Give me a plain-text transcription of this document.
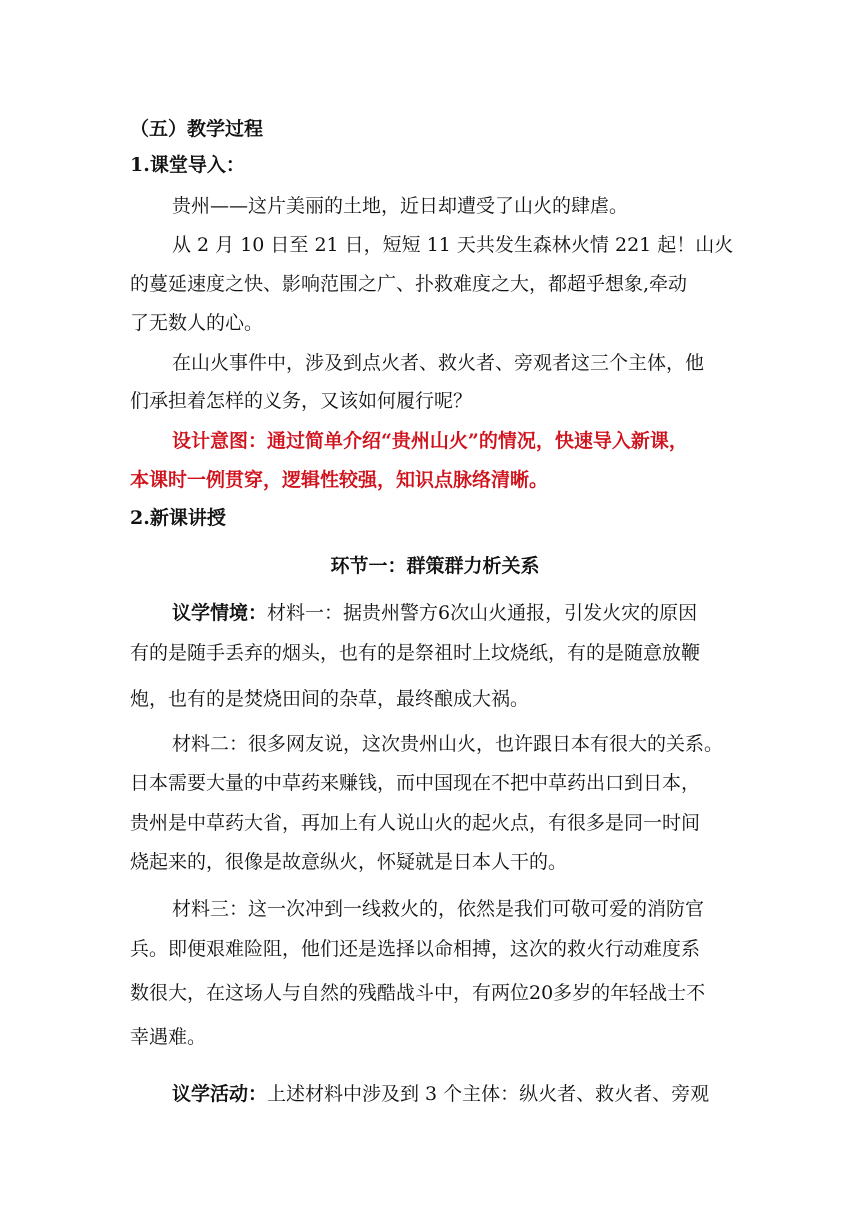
（五）教学过程
1.课堂导入：
贵州——这片美丽的土地，近日却遭受了山火的肆虐。
从 2 月 10 日至 21 日，短短 11 天共发生森林火情 221 起！山火
的蔓延速度之快、影响范围之广、扑救难度之大，都超乎想象,牵动
了无数人的心。
在山火事件中，涉及到点火者、救火者、旁观者这三个主体，他
们承担着怎样的义务，又该如何履行呢？
设计意图：通过简单介绍“贵州山火”的情况，快速导入新课，
本课时一例贯穿，逻辑性较强，知识点脉络清晰。
2.新课讲授
环节一：群策群力析关系
议学情境：材料一：据贵州警方6次山火通报，引发火灾的原因
有的是随手丢弃的烟头，也有的是祭祖时上坟烧纸，有的是随意放鞭
炮，也有的是焚烧田间的杂草，最终酿成大祸。
材料二：很多网友说，这次贵州山火，也许跟日本有很大的关系。
日本需要大量的中草药来赚钱，而中国现在不把中草药出口到日本，
贵州是中草药大省，再加上有人说山火的起火点，有很多是同一时间
烧起来的，很像是故意纵火，怀疑就是日本人干的。
材料三：这一次冲到一线救火的，依然是我们可敬可爱的消防官
兵。即便艰难险阻，他们还是选择以命相搏，这次的救火行动难度系
数很大，在这场人与自然的残酷战斗中，有两位20多岁的年轻战士不
幸遇难。
议学活动：上述材料中涉及到 3 个主体：纵火者、救火者、旁观
